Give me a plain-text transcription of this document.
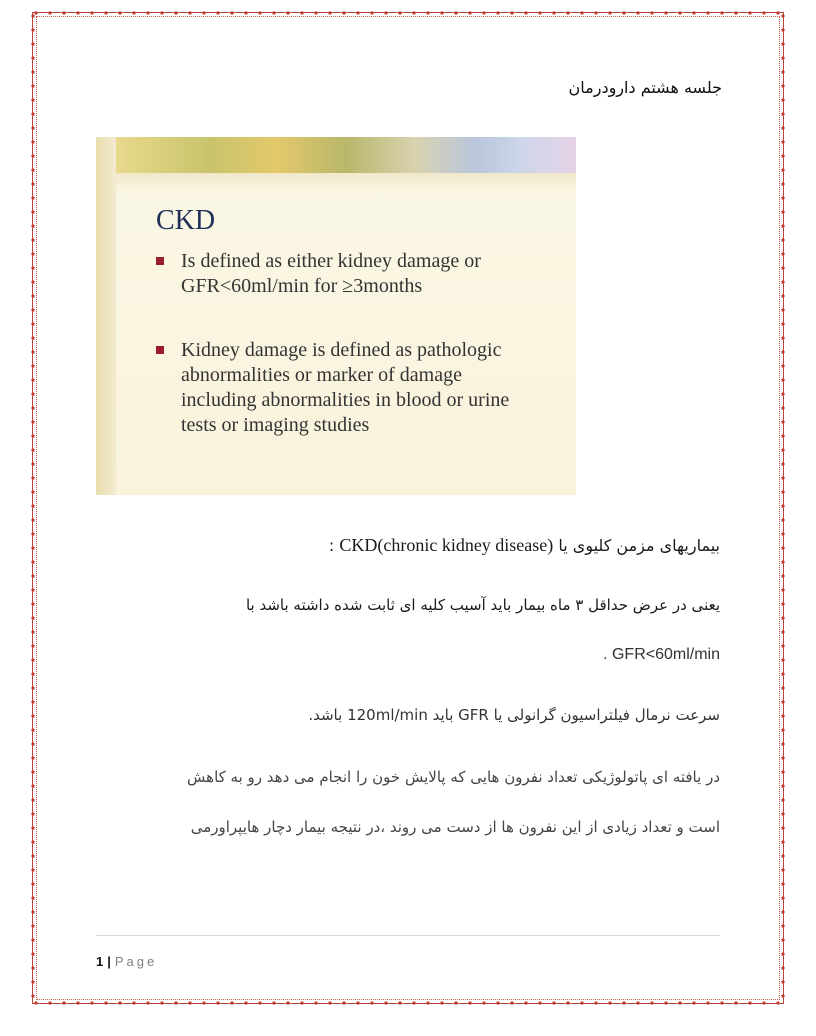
جلسه هشتم دارودرمان
CKD
Is defined as either kidney damage or
GFR<60ml/min for ≥3months
Kidney damage is defined as pathologic
abnormalities or marker of damage
including abnormalities in blood or urine
tests or imaging studies
بیماریهای مزمن کلیوی یا CKD(chronic kidney disease) :
یعنی در عرض حداقل ۳ ماه بیمار باید آسیب کلیه ای ثابت شده داشته باشد با
. GFR<60ml/min
سرعت نرمال فیلتراسیون گرانولی یا GFR باید 120ml/min باشد.
در یافته ای پاتولوژیکی تعداد نفرون هایی که پالایش خون را انجام می دهد رو به کاهش
است و تعداد زیادی از این نفرون ها از دست می روند ،در نتیجه بیمار دچار هایپراورمی
1 | Page
